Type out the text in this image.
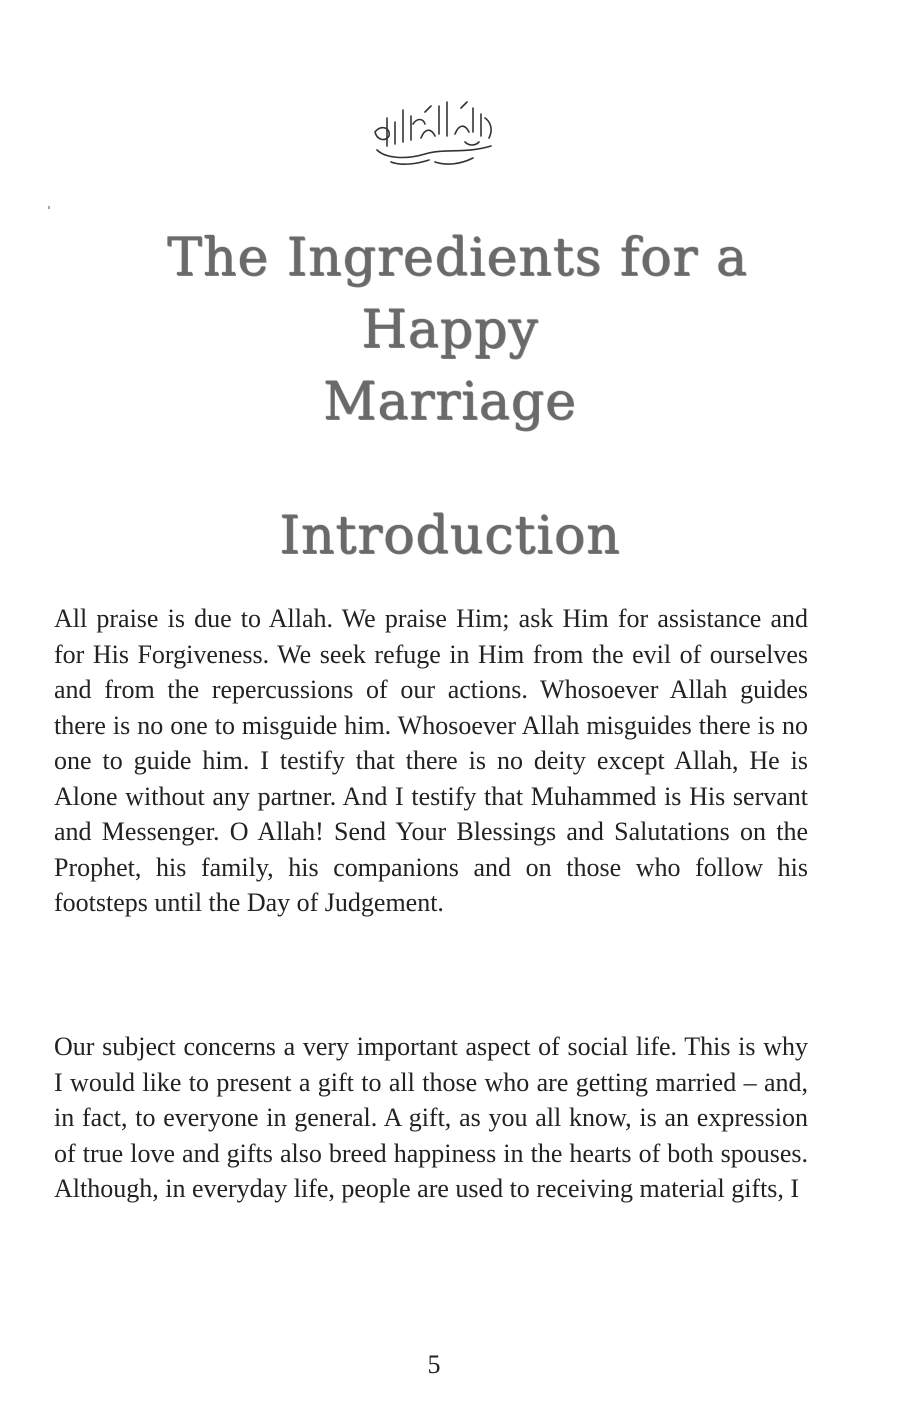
The Ingredients for a
Happy
Marriage
Introduction

All praise is due to Allah. We praise Him; ask Him for assistance and for His Forgiveness. We seek refuge in Him from the evil of ourselves and from the repercussions of our actions. Whosoever Allah guides there is no one to misguide him. Whosoever Allah misguides there is no one to guide him. I testify that there is no deity except Allah, He is Alone without any partner. And I testify that Muhammed is His servant and Messenger. O Allah! Send Your Blessings and Salutations on the Prophet, his family, his companions and on those who follow his footsteps until the Day of Judgement.

Our subject concerns a very important aspect of social life. This is why I would like to present a gift to all those who are getting married – and, in fact, to everyone in general. A gift, as you all know, is an expression of true love and gifts also breed happiness in the hearts of both spouses. Although, in everyday life, people are used to receiving material gifts, I

5
